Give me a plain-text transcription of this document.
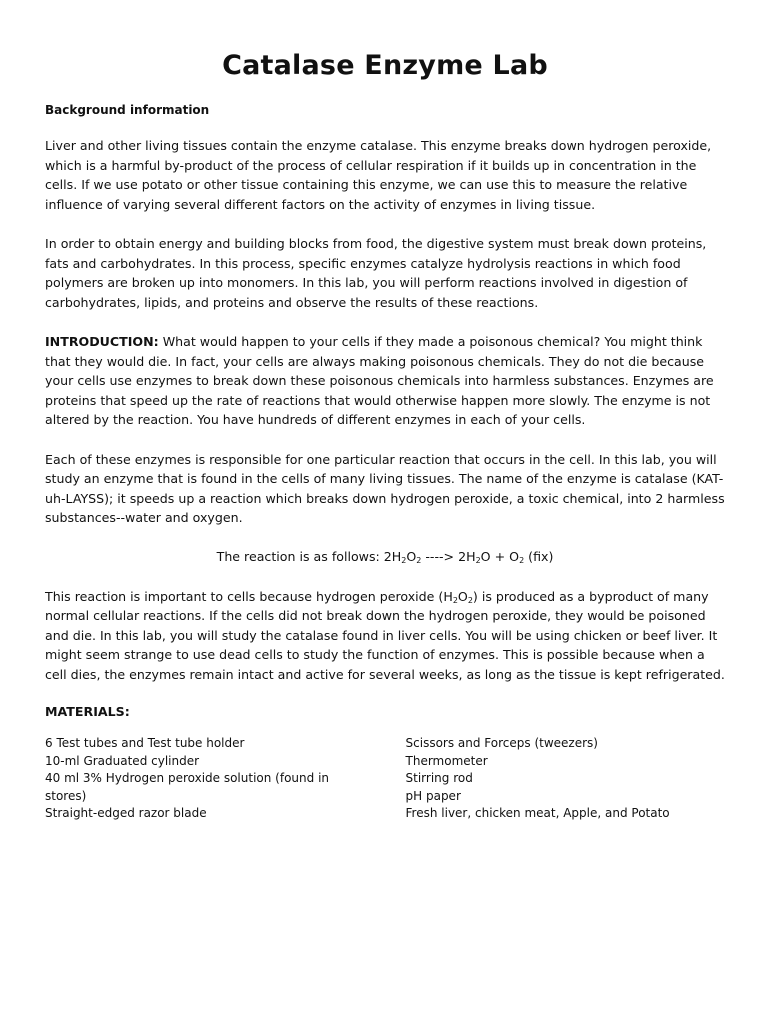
Catalase Enzyme Lab
Background information

Liver and other living tissues contain the enzyme catalase. This enzyme breaks down hydrogen peroxide, which is a harmful by-product of the process of cellular respiration if it builds up in concentration in the cells. If we use potato or other tissue containing this enzyme, we can use this to measure the relative influence of varying several different factors on the activity of enzymes in living tissue.

In order to obtain energy and building blocks from food, the digestive system must break down proteins, fats and carbohydrates. In this process, specific enzymes catalyze hydrolysis reactions in which food polymers are broken up into monomers. In this lab, you will perform reactions involved in digestion of carbohydrates, lipids, and proteins and observe the results of these reactions.

INTRODUCTION: What would happen to your cells if they made a poisonous chemical? You might think that they would die. In fact, your cells are always making poisonous chemicals. They do not die because your cells use enzymes to break down these poisonous chemicals into harmless substances. Enzymes are proteins that speed up the rate of reactions that would otherwise happen more slowly. The enzyme is not altered by the reaction. You have hundreds of different enzymes in each of your cells.

Each of these enzymes is responsible for one particular reaction that occurs in the cell. In this lab, you will study an enzyme that is found in the cells of many living tissues. The name of the enzyme is catalase (KAT-uh-LAYSS); it speeds up a reaction which breaks down hydrogen peroxide, a toxic chemical, into 2 harmless substances--water and oxygen.

The reaction is as follows: $2H_2O_2$ ----> $2H_2O + O_2$ (fix)

This reaction is important to cells because hydrogen peroxide $(H_2O_2)$ is produced as a byproduct of many normal cellular reactions. If the cells did not break down the hydrogen peroxide, they would be poisoned and die. In this lab, you will study the catalase found in liver cells. You will be using chicken or beef liver. It might seem strange to use dead cells to study the function of enzymes. This is possible because when a cell dies, the enzymes remain intact and active for several weeks, as long as the tissue is kept refrigerated.

MATERIALS:
6 Test tubes and Test tube holder
10-ml Graduated cylinder
40 ml 3% Hydrogen peroxide solution (found in
stores)
Straight-edged razor blade
Scissors and Forceps (tweezers)
Thermometer
Stirring rod
pH paper
Fresh liver, chicken meat, Apple, and Potato
